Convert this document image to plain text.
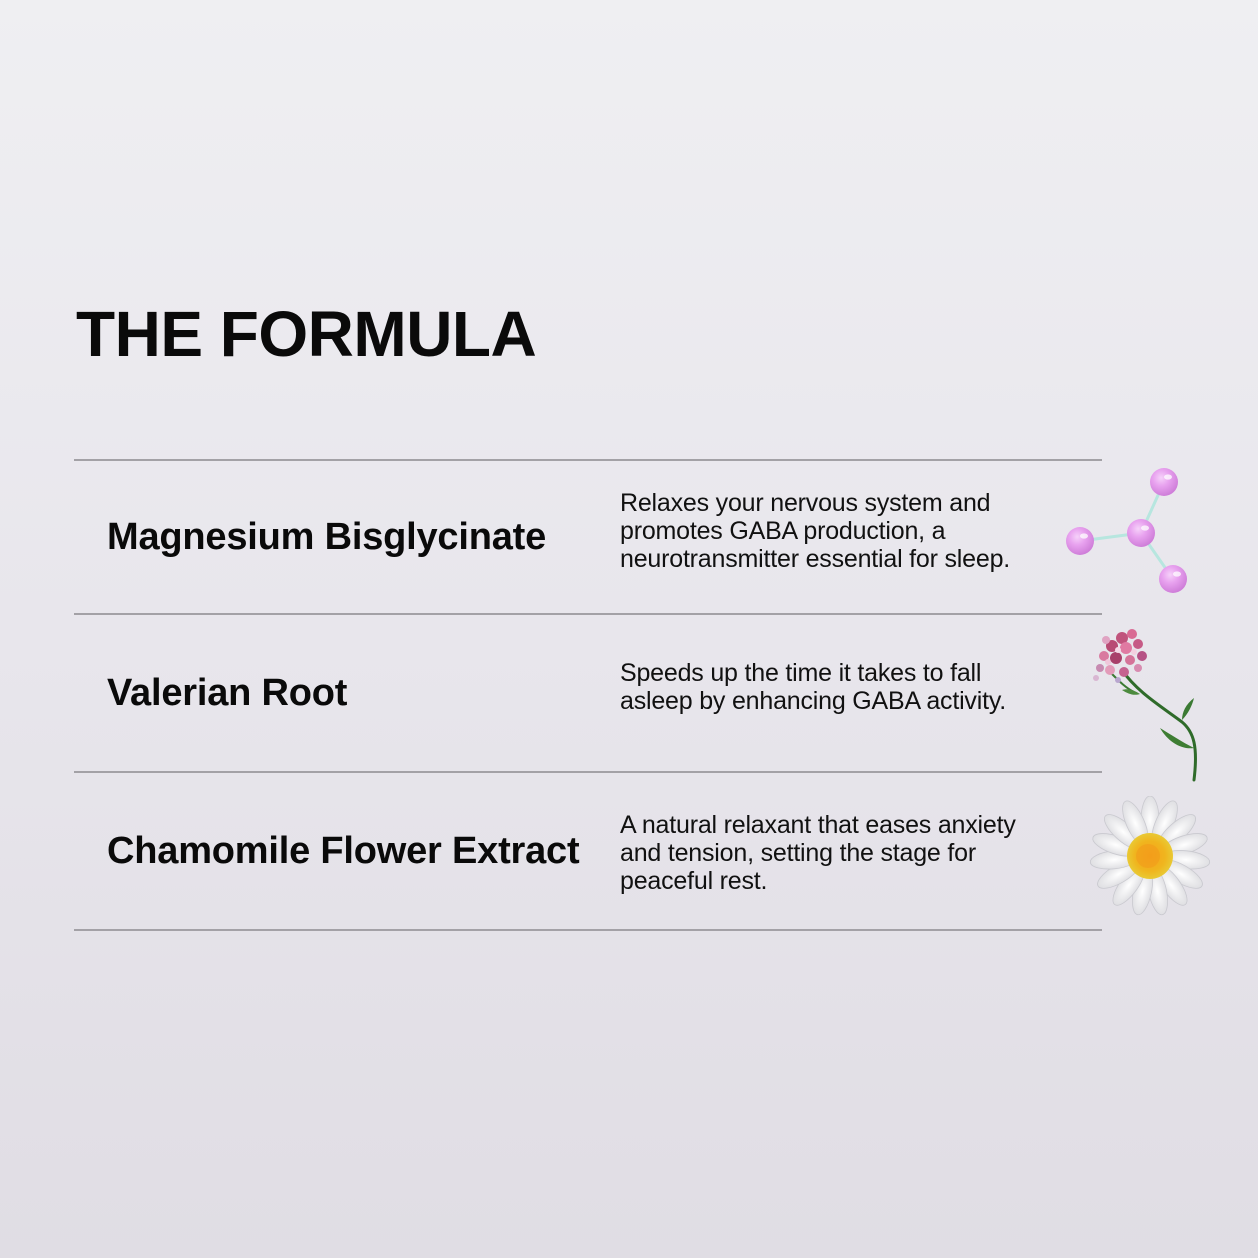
THE FORMULA
Magnesium Bisglycinate

Relaxes your nervous system and promotes GABA production, a neurotransmitter essential for sleep.

Valerian Root	Speeds up the time it takes to fall asleep by enhancing GABA activity.

Chamomile Flower Extract

A natural relaxant that eases anxiety and tension, setting the stage for peaceful rest.
